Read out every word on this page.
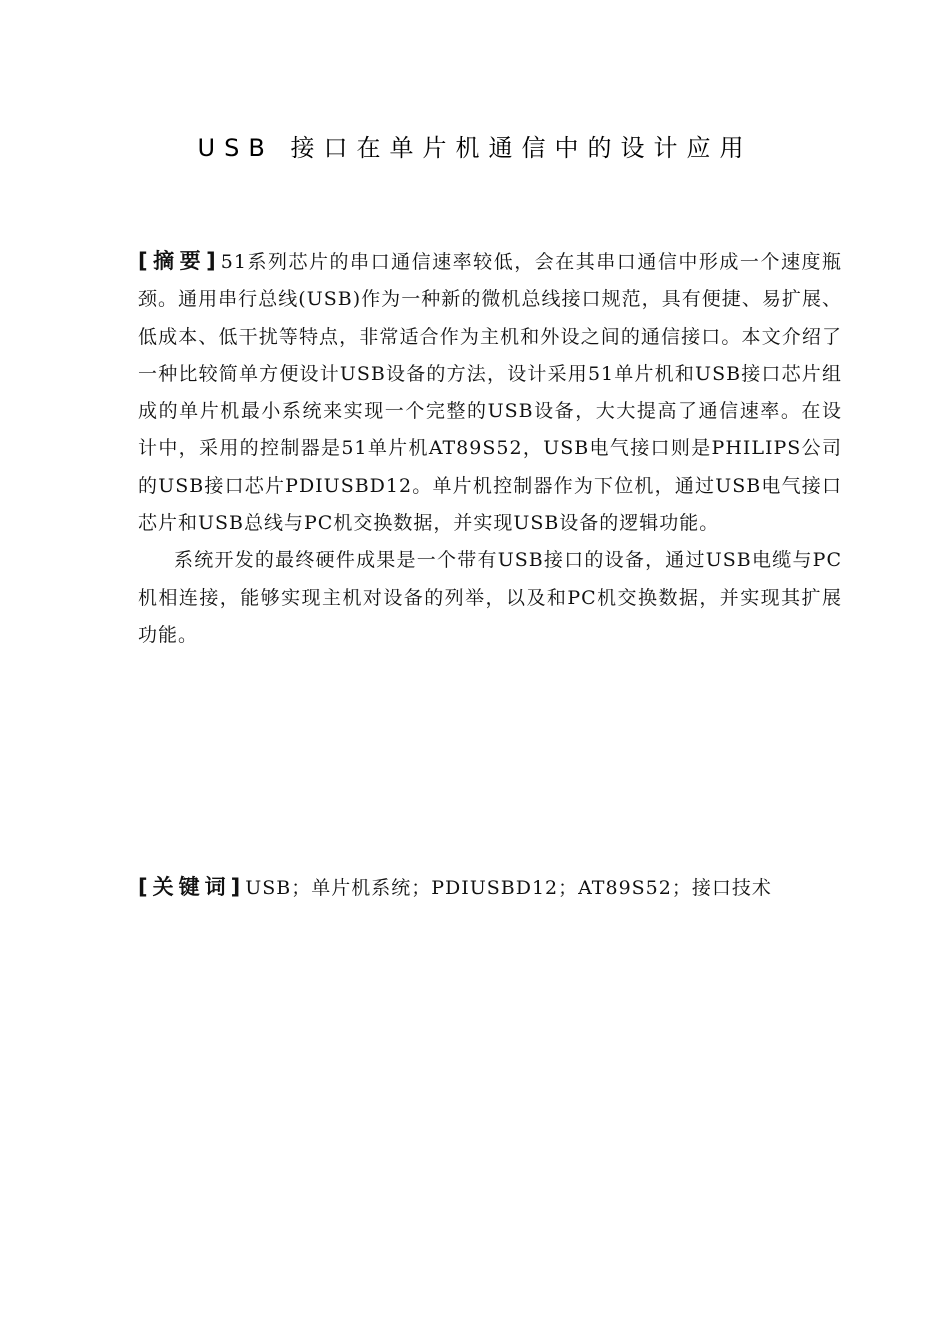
USB 接口在单片机通信中的设计应用
[摘要]51系列芯片的串口通信速率较低，会在其串口通信中形成一个速度瓶颈。通用串行总线(USB)作为一种新的微机总线接口规范，具有便捷、易扩展、低成本、低干扰等特点，非常适合作为主机和外设之间的通信接口。本文介绍了一种比较简单方便设计USB设备的方法，设计采用51单片机和USB接口芯片组成的单片机最小系统来实现一个完整的USB设备，大大提高了通信速率。在设计中，采用的控制器是51单片机AT89S52，USB电气接口则是PHILIPS公司的USB接口芯片PDIUSBD12。单片机控制器作为下位机，通过USB电气接口芯片和USB总线与PC机交换数据，并实现USB设备的逻辑功能。
系统开发的最终硬件成果是一个带有USB接口的设备，通过USB电缆与PC机相连接，能够实现主机对设备的列举，以及和PC机交换数据，并实现其扩展功能。
[关键词]USB；单片机系统；PDIUSBD12；AT89S52；接口技术
